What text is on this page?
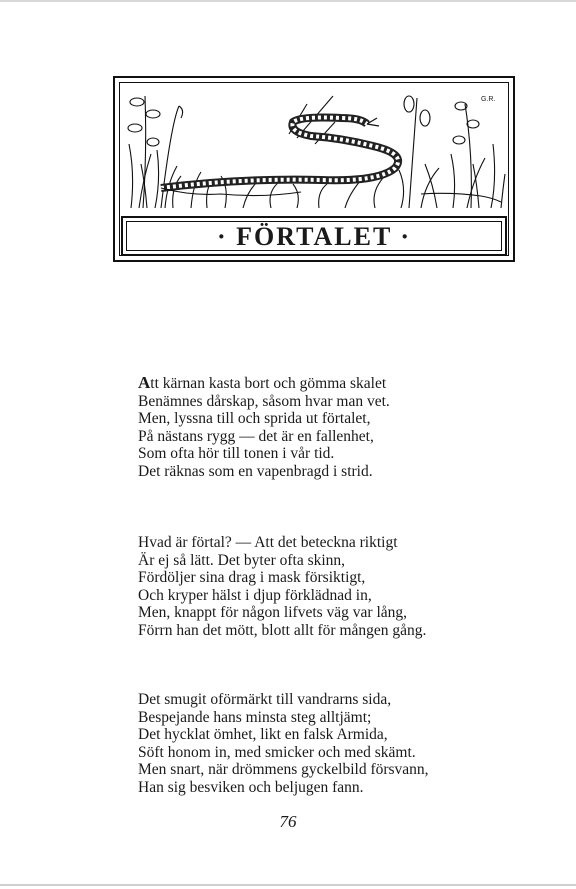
G.R.
· FÖRTALET ·
Att kärnan kasta bort och gömma skalet
Benämnes dårskap, såsom hvar man vet.
Men, lyssna till och sprida ut förtalet,
På nästans rygg — det är en fallenhet,
Som ofta hör till tonen i vår tid.
Det räknas som en vapenbragd i strid.
Hvad är förtal? — Att det beteckna riktigt
Är ej så lätt. Det byter ofta skinn,
Fördöljer sina drag i mask försiktigt,
Och kryper hälst i djup förklädnad in,
Men, knappt för någon lifvets väg var lång,
Förrn han det mött, blott allt för mången gång.
Det smugit oförmärkt till vandrarns sida,
Bespejande hans minsta steg alltjämt;
Det hycklat ömhet, likt en falsk Armida,
Söft honom in, med smicker och med skämt.
Men snart, när drömmens gyckelbild försvann,
Han sig besviken och beljugen fann.
76
